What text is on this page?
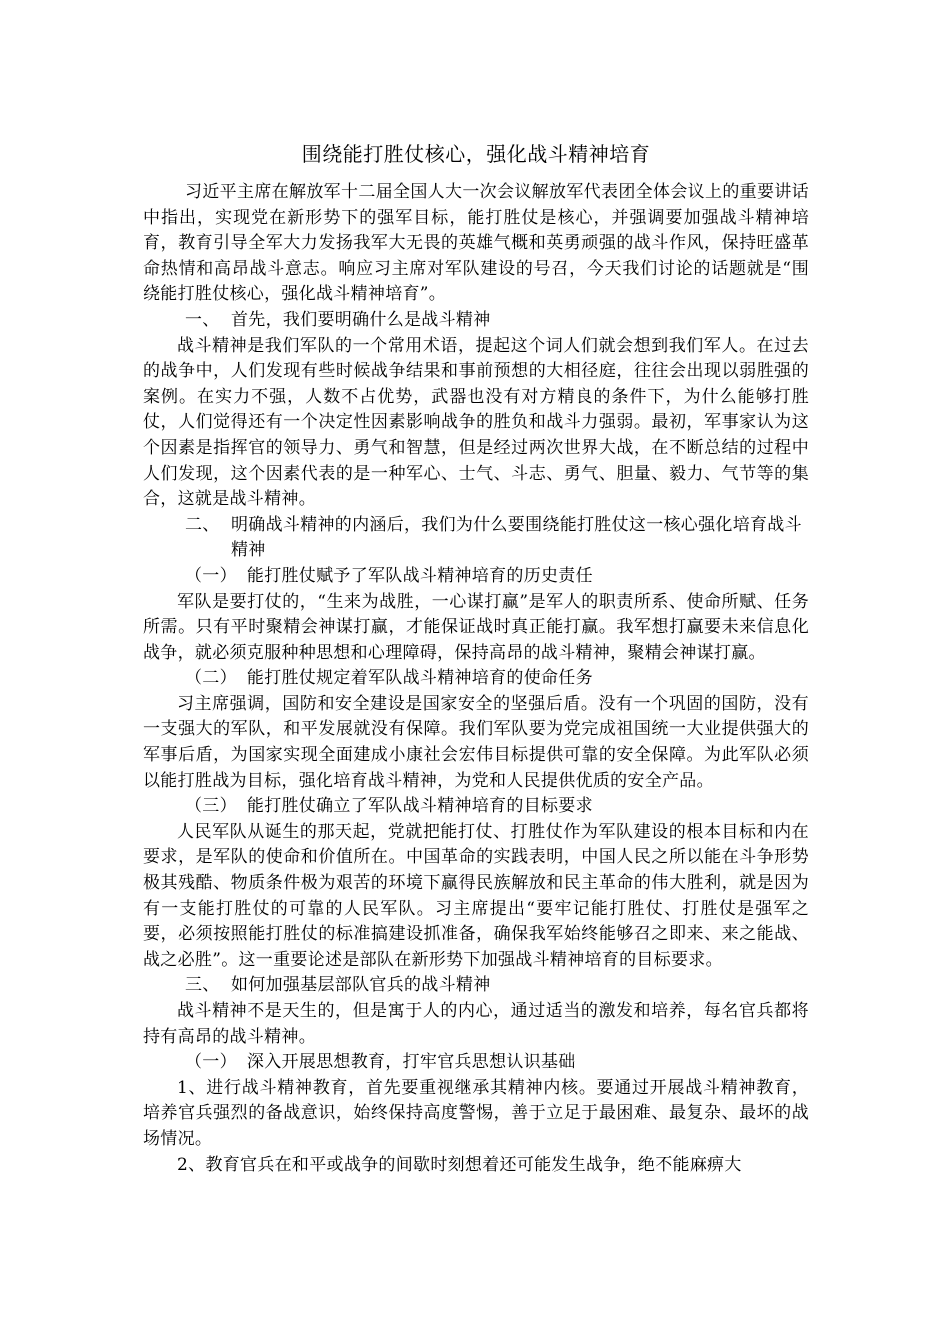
围绕能打胜仗核心，强化战斗精神培育

习近平主席在解放军十二届全国人大一次会议解放军代表团全体会议上的重要讲话中指出，实现党在新形势下的强军目标，能打胜仗是核心，并强调要加强战斗精神培育，教育引导全军大力发扬我军大无畏的英雄气概和英勇顽强的战斗作风，保持旺盛革命热情和高昂战斗意志。响应习主席对军队建设的号召，今天我们讨论的话题就是“围绕能打胜仗核心，强化战斗精神培育”。

一、 首先，我们要明确什么是战斗精神

战斗精神是我们军队的一个常用术语，提起这个词人们就会想到我们军人。在过去的战争中，人们发现有些时候战争结果和事前预想的大相径庭，往往会出现以弱胜强的案例。在实力不强，人数不占优势，武器也没有对方精良的条件下，为什么能够打胜仗，人们觉得还有一个决定性因素影响战争的胜负和战斗力强弱。最初，军事家认为这个因素是指挥官的领导力、勇气和智慧，但是经过两次世界大战，在不断总结的过程中人们发现，这个因素代表的是一种军心、士气、斗志、勇气、胆量、毅力、气节等的集合，这就是战斗精神。

二、 明确战斗精神的内涵后，我们为什么要围绕能打胜仗这一核心强化培育战斗精神
（一） 能打胜仗赋予了军队战斗精神培育的历史责任

军队是要打仗的，“生来为战胜，一心谋打赢”是军人的职责所系、使命所赋、任务所需。只有平时聚精会神谋打赢，才能保证战时真正能打赢。我军想打赢要未来信息化战争，就必须克服种种思想和心理障碍，保持高昂的战斗精神，聚精会神谋打赢。

（二） 能打胜仗规定着军队战斗精神培育的使命任务

习主席强调，国防和安全建设是国家安全的坚强后盾。没有一个巩固的国防，没有一支强大的军队，和平发展就没有保障。我们军队要为党完成祖国统一大业提供强大的军事后盾，为国家实现全面建成小康社会宏伟目标提供可靠的安全保障。为此军队必须以能打胜战为目标，强化培育战斗精神，为党和人民提供优质的安全产品。

（三） 能打胜仗确立了军队战斗精神培育的目标要求

人民军队从诞生的那天起，党就把能打仗、打胜仗作为军队建设的根本目标和内在要求，是军队的使命和价值所在。中国革命的实践表明，中国人民之所以能在斗争形势极其残酷、物质条件极为艰苦的环境下赢得民族解放和民主革命的伟大胜利，就是因为有一支能打胜仗的可靠的人民军队。习主席提出“要牢记能打胜仗、打胜仗是强军之要，必须按照能打胜仗的标准搞建设抓准备，确保我军始终能够召之即来、来之能战、战之必胜”。这一重要论述是部队在新形势下加强战斗精神培育的目标要求。

三、 如何加强基层部队官兵的战斗精神

战斗精神不是天生的，但是寓于人的内心，通过适当的激发和培养，每名官兵都将持有高昂的战斗精神。

（一） 深入开展思想教育，打牢官兵思想认识基础

1、进行战斗精神教育，首先要重视继承其精神内核。要通过开展战斗精神教育，培养官兵强烈的备战意识，始终保持高度警惕，善于立足于最困难、最复杂、最坏的战场情况。

2、教育官兵在和平或战争的间歇时刻想着还可能发生战争，绝不能麻痹大
